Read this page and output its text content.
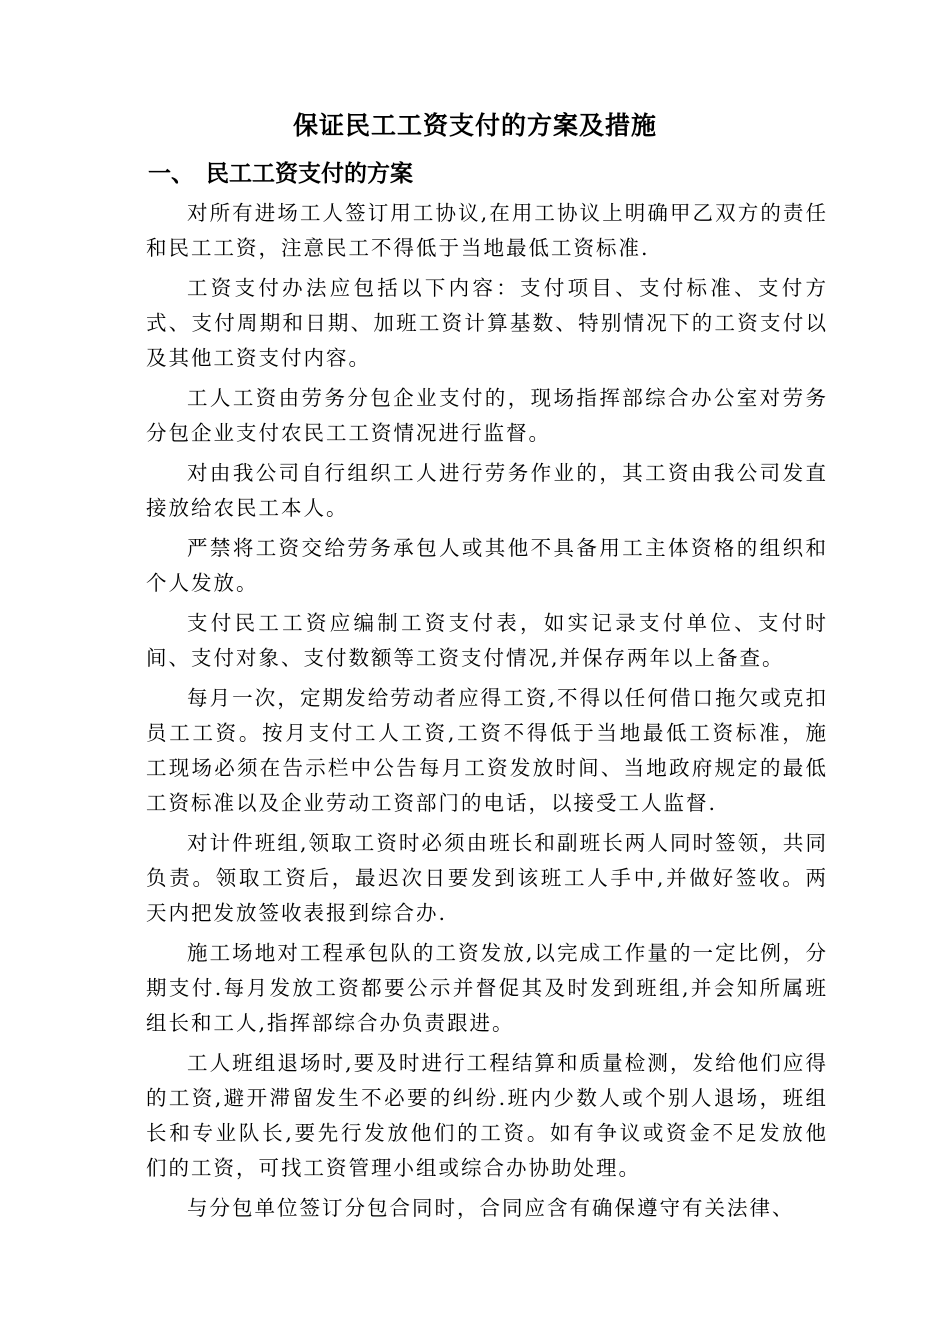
保证民工工资支付的方案及措施
一、 民工工资支付的方案

对所有进场工人签订用工协议,在用工协议上明确甲乙双方的责任和民工工资，注意民工不得低于当地最低工资标准.

工资支付办法应包括以下内容：支付项目、支付标准、支付方式、支付周期和日期、加班工资计算基数、特别情况下的工资支付以及其他工资支付内容。

工人工资由劳务分包企业支付的，现场指挥部综合办公室对劳务分包企业支付农民工工资情况进行监督。

对由我公司自行组织工人进行劳务作业的，其工资由我公司发直接放给农民工本人。

严禁将工资交给劳务承包人或其他不具备用工主体资格的组织和个人发放。

支付民工工资应编制工资支付表，如实记录支付单位、支付时间、支付对象、支付数额等工资支付情况,并保存两年以上备查。

每月一次，定期发给劳动者应得工资,不得以任何借口拖欠或克扣员工工资。按月支付工人工资,工资不得低于当地最低工资标准，施工现场必须在告示栏中公告每月工资发放时间、当地政府规定的最低工资标准以及企业劳动工资部门的电话，以接受工人监督.

对计件班组,领取工资时必须由班长和副班长两人同时签领，共同负责。领取工资后，最迟次日要发到该班工人手中,并做好签收。两天内把发放签收表报到综合办.

施工场地对工程承包队的工资发放,以完成工作量的一定比例，分期支付.每月发放工资都要公示并督促其及时发到班组,并会知所属班组长和工人,指挥部综合办负责跟进。

工人班组退场时,要及时进行工程结算和质量检测，发给他们应得的工资,避开滞留发生不必要的纠纷.班内少数人或个别人退场，班组长和专业队长,要先行发放他们的工资。如有争议或资金不足发放他们的工资，可找工资管理小组或综合办协助处理。

与分包单位签订分包合同时，合同应含有确保遵守有关法律、
